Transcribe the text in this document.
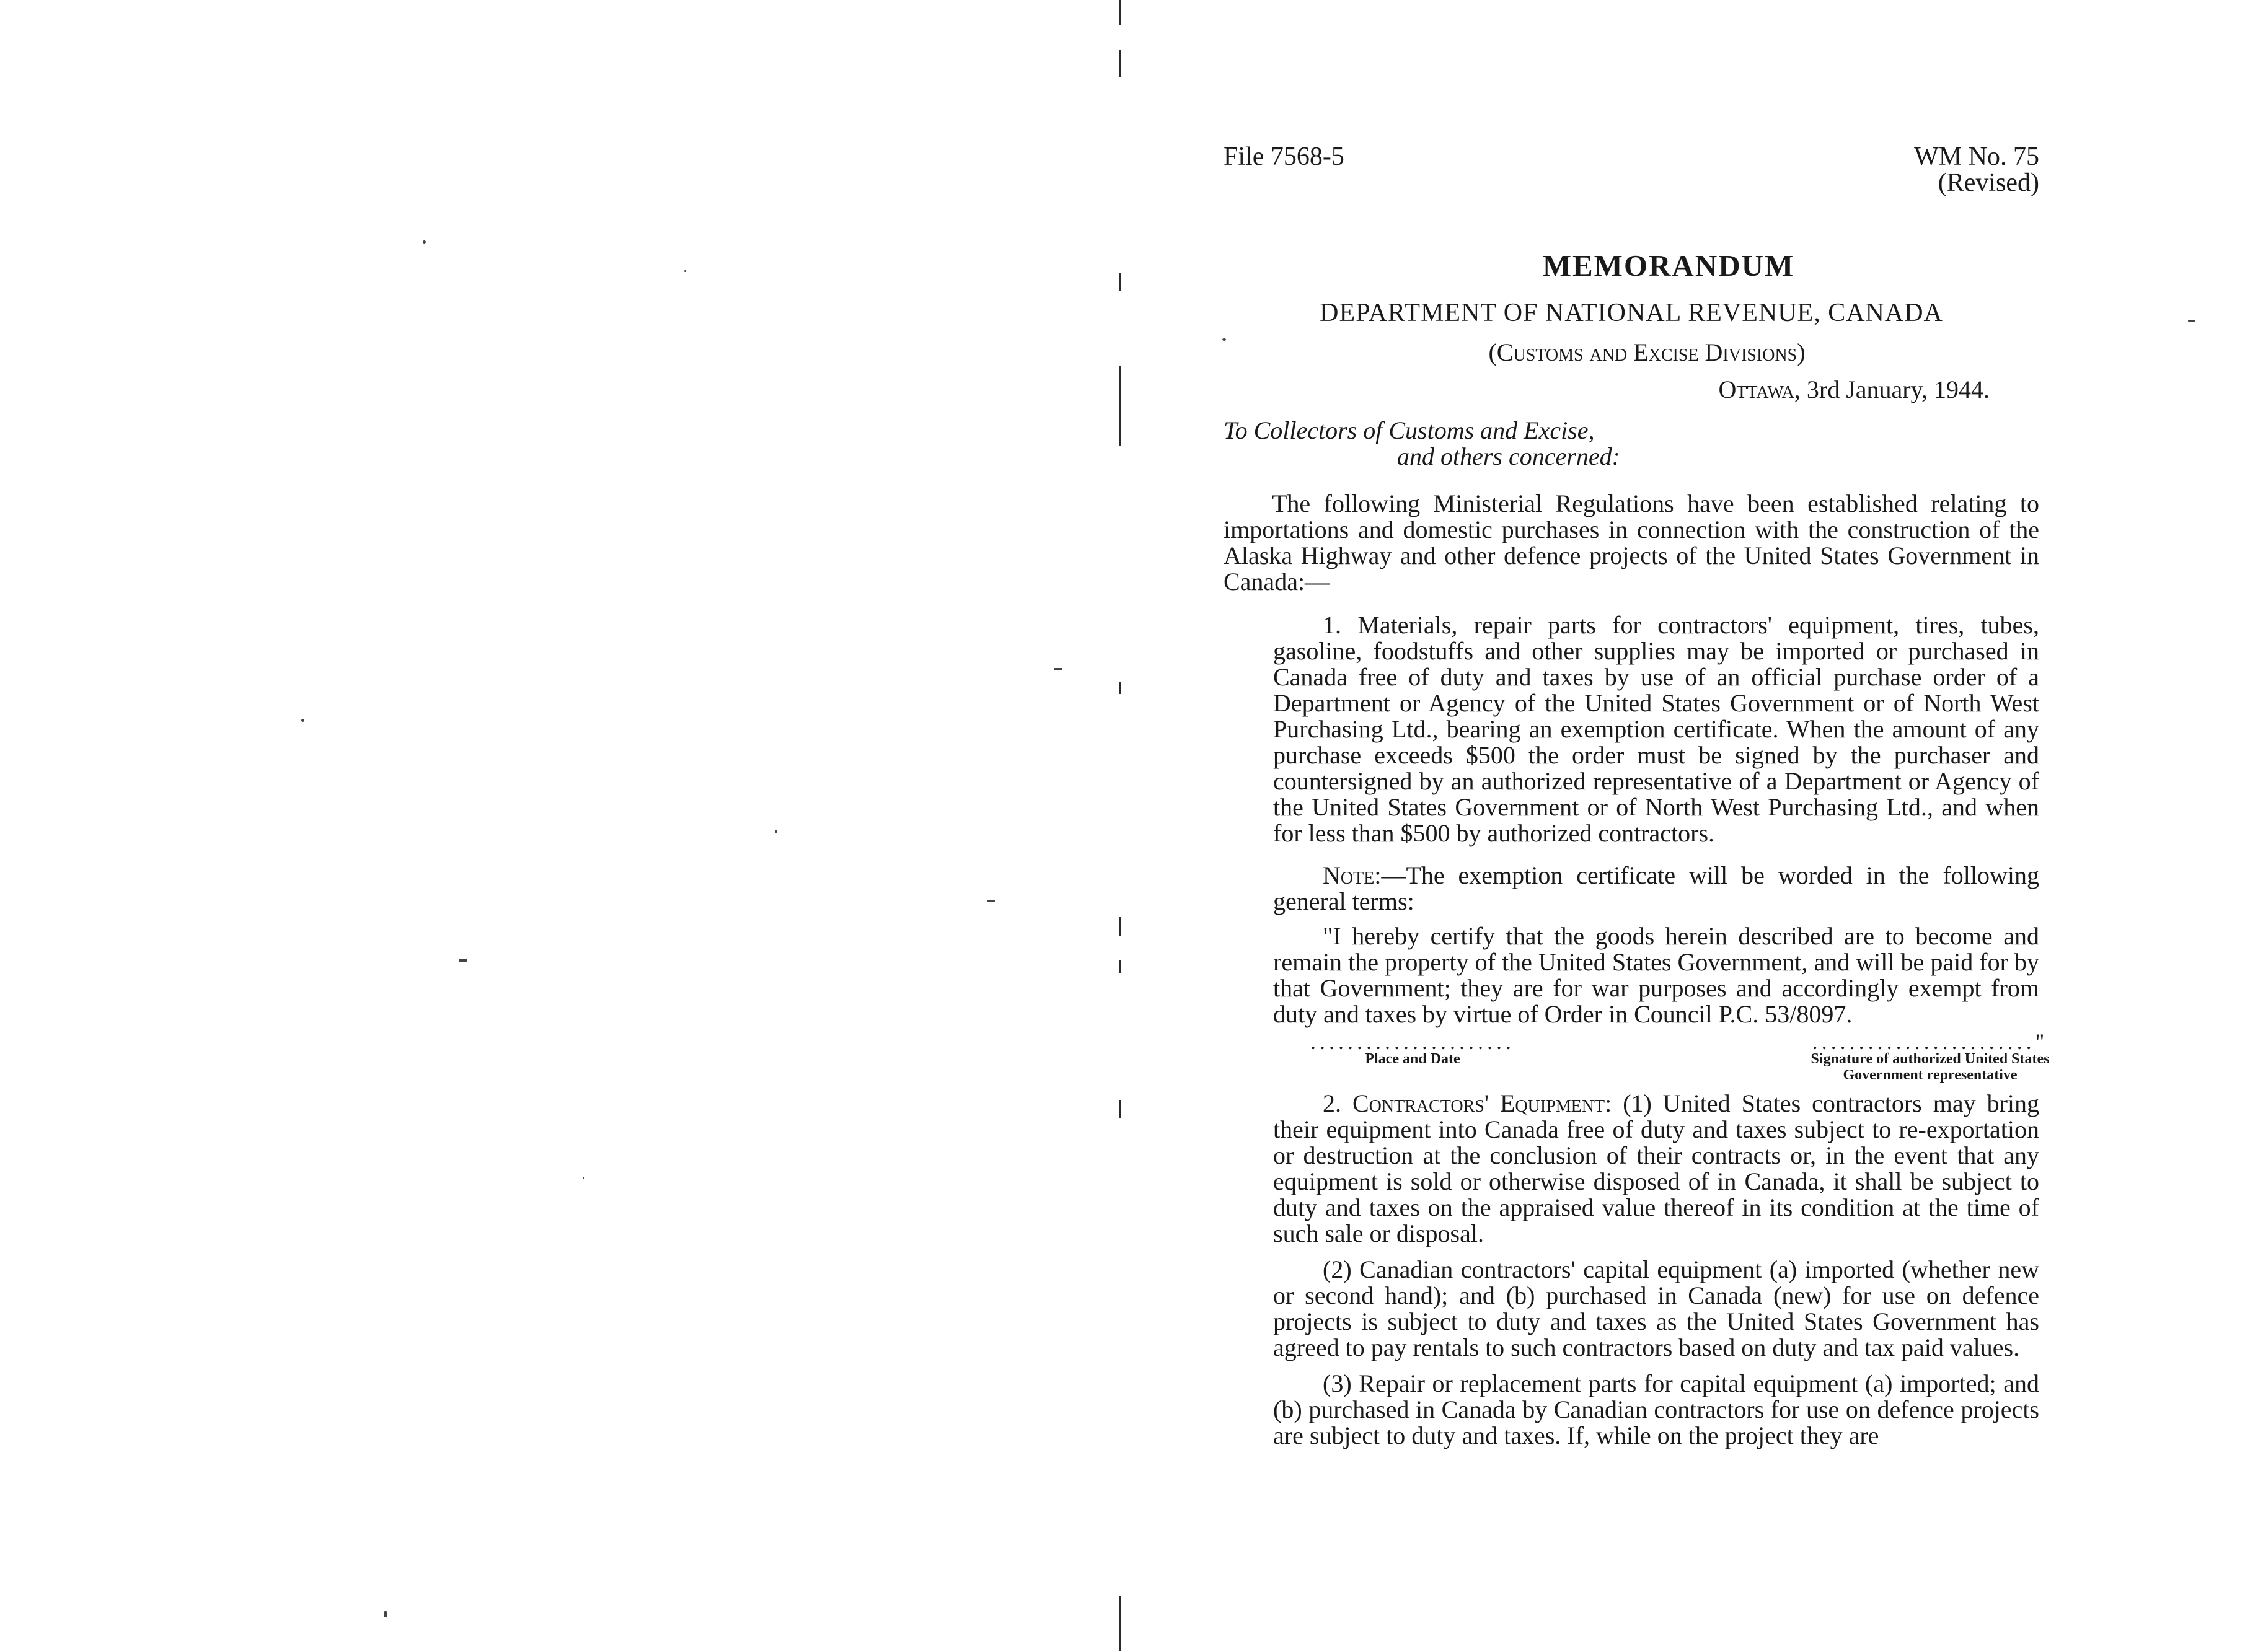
File 7568-5	WM No. 75
(Revised)
MEMORANDUM
DEPARTMENT OF NATIONAL REVENUE, CANADA
(Customs and Excise Divisions)
Ottawa, 3rd January, 1944.
To Collectors of Customs and Excise,
and others concerned:

The following Ministerial Regulations have been established relating to importations and domestic purchases in connection with the construction of the Alaska Highway and other defence projects of the United States Government in Canada:—

1. Materials, repair parts for contractors' equipment, tires, tubes, gasoline, foodstuffs and other supplies may be imported or purchased in Canada free of duty and taxes by use of an official purchase order of a Department or Agency of the United States Government or of North West Purchasing Ltd., bearing an exemption certificate. When the amount of any purchase exceeds $500 the order must be signed by the purchaser and countersigned by an authorized representative of a Department or Agency of the United States Government or of North West Purchasing Ltd., and when for less than $500 by authorized contractors.

Note:—The exemption certificate will be worded in the following general terms:

"I hereby certify that the goods herein described are to become and remain the property of the United States Government, and will be paid for by that Government; they are for war purposes and accordingly exempt from duty and taxes by virtue of Order in Council P.C. 53/8097.

......................
Place and Date
........................"
Signature of authorized United States
Government representative

2. Contractors' Equipment: (1) United States contractors may bring their equipment into Canada free of duty and taxes subject to re-exportation or destruction at the conclusion of their contracts or, in the event that any equipment is sold or otherwise disposed of in Canada, it shall be subject to duty and taxes on the appraised value thereof in its condition at the time of such sale or disposal.

(2) Canadian contractors' capital equipment (a) imported (whether new or second hand); and (b) purchased in Canada (new) for use on defence projects is subject to duty and taxes as the United States Government has agreed to pay rentals to such contractors based on duty and tax paid values.

(3) Repair or replacement parts for capital equipment (a) imported; and (b) purchased in Canada by Canadian contractors for use on defence projects are subject to duty and taxes. If, while on the project they are
